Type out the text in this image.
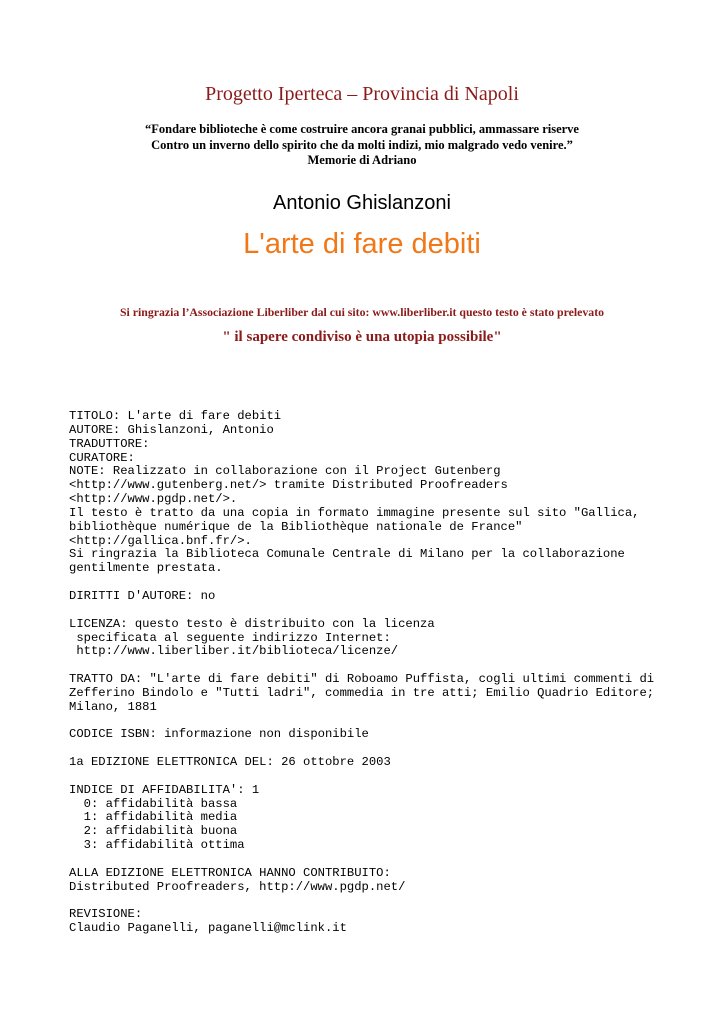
Progetto Iperteca – Provincia di Napoli
“Fondare biblioteche è come costruire ancora granai pubblici, ammassare riserve
Contro un inverno dello spirito che da molti indizi, mio malgrado vedo venire.”
Memorie di Adriano
Antonio Ghislanzoni
L'arte di fare debiti
Si ringrazia l’Associazione Liberliber dal cui sito: www.liberliber.it questo testo è stato prelevato
" il sapere condiviso è una utopia possibile"
TITOLO: L'arte di fare debiti
AUTORE: Ghislanzoni, Antonio
TRADUTTORE:
CURATORE:
NOTE: Realizzato in collaborazione con il Project Gutenberg
<http://www.gutenberg.net/> tramite Distributed Proofreaders
<http://www.pgdp.net/>.
Il testo è tratto da una copia in formato immagine presente sul sito "Gallica,
bibliothèque numérique de la Bibliothèque nationale de France"
<http://gallica.bnf.fr/>.
Si ringrazia la Biblioteca Comunale Centrale di Milano per la collaborazione
gentilmente prestata.

DIRITTI D'AUTORE: no

LICENZA: questo testo è distribuito con la licenza
specificata al seguente indirizzo Internet:
http://www.liberliber.it/biblioteca/licenze/

TRATTO DA: "L'arte di fare debiti" di Roboamo Puffista, cogli ultimi commenti di
Zefferino Bindolo e "Tutti ladri", commedia in tre atti; Emilio Quadrio Editore;
Milano, 1881

CODICE ISBN: informazione non disponibile

1a EDIZIONE ELETTRONICA DEL: 26 ottobre 2003

INDICE DI AFFIDABILITA': 1
0: affidabilità bassa
1: affidabilità media
2: affidabilità buona
3: affidabilità ottima

ALLA EDIZIONE ELETTRONICA HANNO CONTRIBUITO:
Distributed Proofreaders, http://www.pgdp.net/

REVISIONE:
Claudio Paganelli, paganelli@mclink.it
